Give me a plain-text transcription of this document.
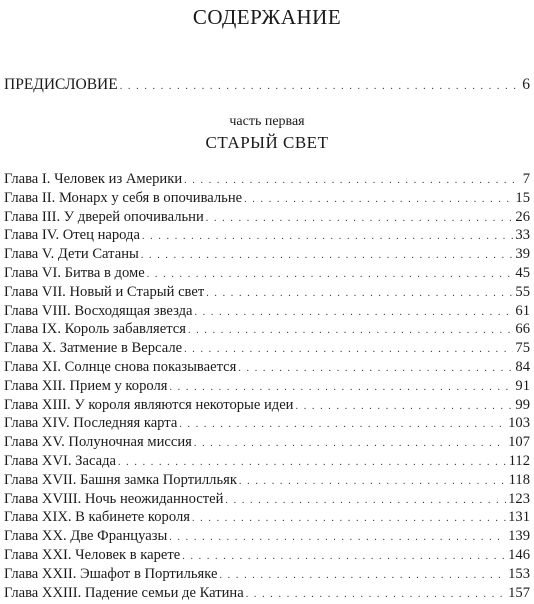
СОДЕРЖАНИЕ
ПРЕДИСЛОВИЕ . . .	6
часть первая
СТАРЫЙ СВЕТ
Глава I. Человек из Америки . . .	7
Глава II. Монарх у себя в опочивальне . . .	15
Глава III. У дверей опочивальни . . .	26
Глава IV. Отец народа . . .	33
Глава V. Дети Сатаны . . .	39
Глава VI. Битва в доме . . .	45
Глава VII. Новый и Старый свет . . .	55
Глава VIII. Восходящая звезда . . .	61
Глава IX. Король забавляется . . .	66
Глава X. Затмение в Версале . . .	75
Глава XI. Солнце снова показывается . . .	84
Глава XII. Прием у короля . . .	91
Глава XIII. У короля являются некоторые идеи . . .	99
Глава XIV. Последняя карта . . .	103
Глава XV. Полуночная миссия . . .	107
Глава XVI. Засада . . .	112
Глава XVII. Башня замка Портилльяк . . .	118
Глава XVIII. Ночь неожиданностей . . .	123
Глава XIX. В кабинете короля . . .	131
Глава XX. Две Француазы . . .	139
Глава XXI. Человек в карете . . .	146
Глава XXII. Эшафот в Портильяке . . .	153
Глава XXIII. Падение семьи де Катина . . .	157
